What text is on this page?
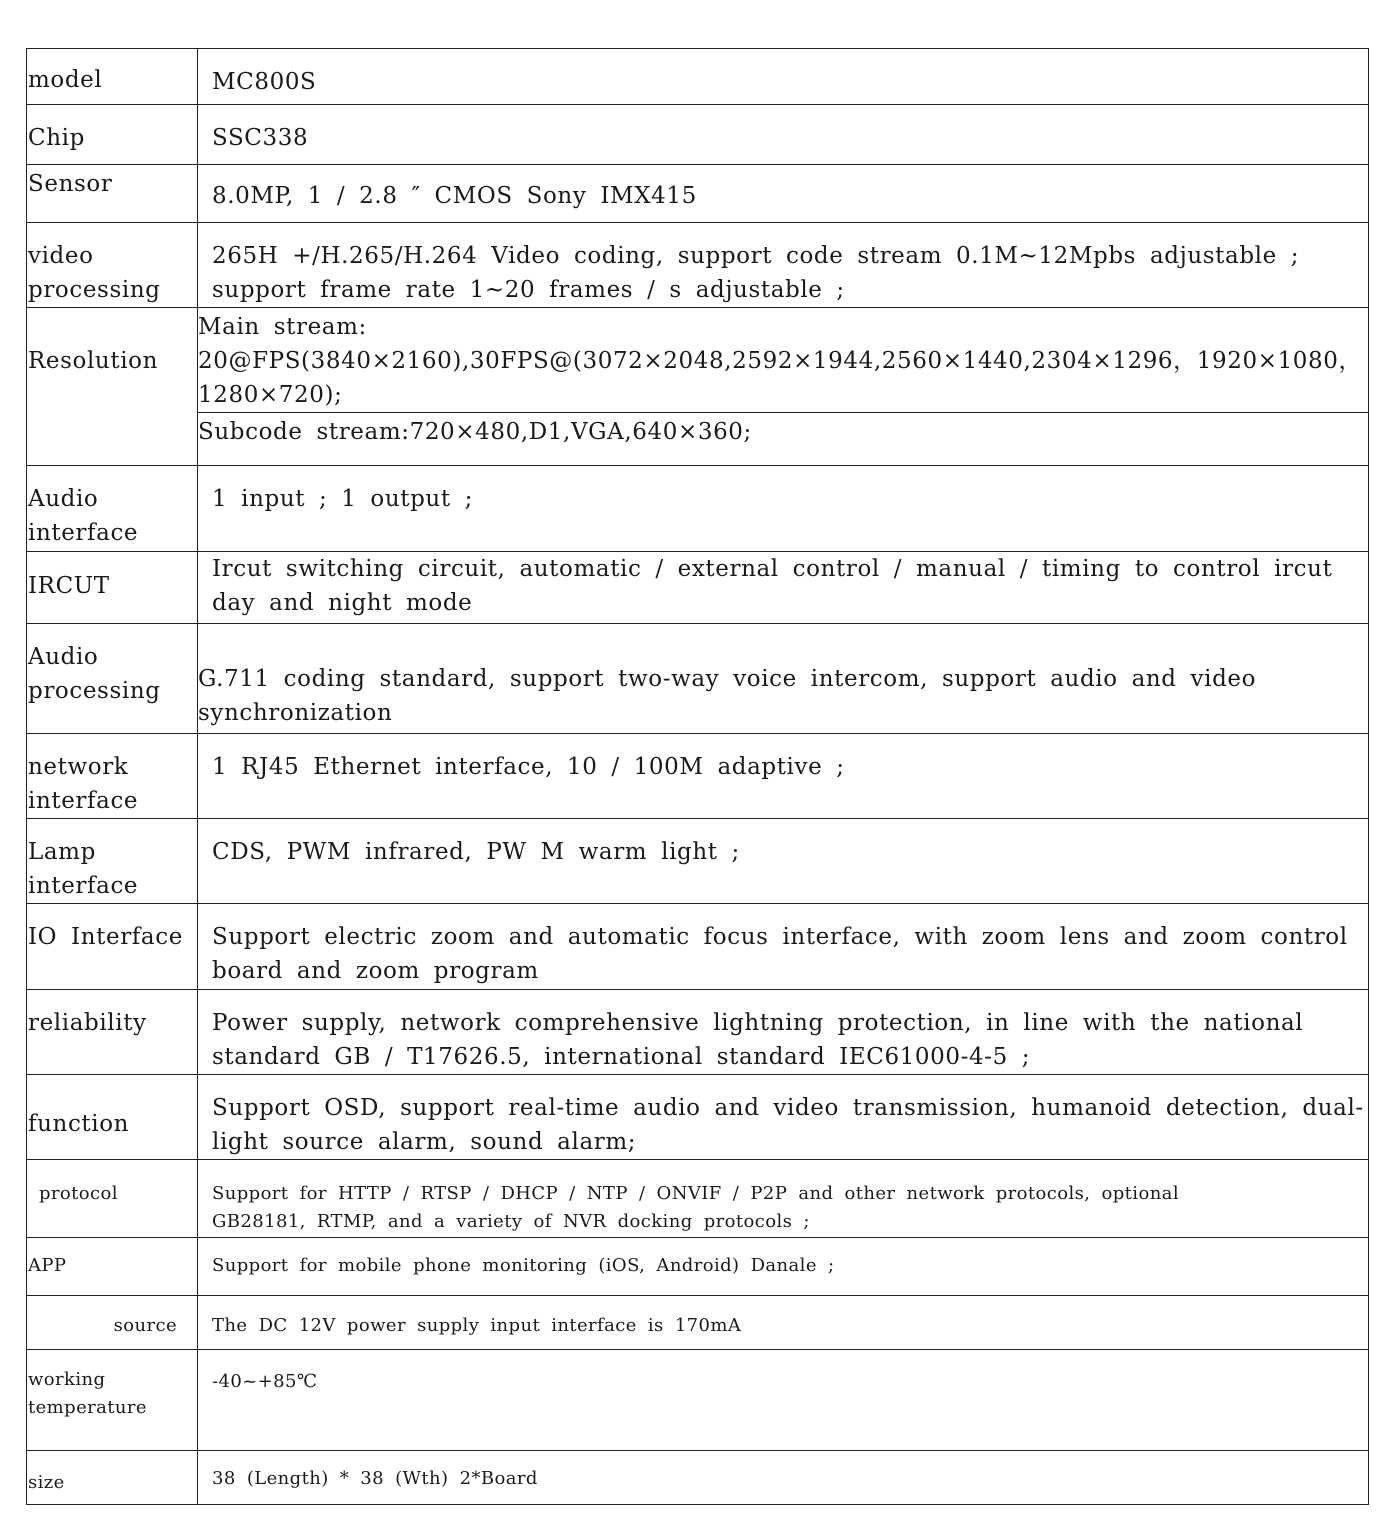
model	MC800S

Chip	SSC338

Sensor	8.0MP, 1 / 2.8 ″ CMOS Sony IMX415

video processing	265H +/H.265/H.264 Video coding, support code stream 0.1M~12Mpbs adjustable ; support frame rate 1~20 frames / s adjustable ;

Resolution	Main stream: 20@FPS(3840×2160),30FPS@(3072×2048,2592×1944,2560×1440,2304×1296，1920×1080，1280×720);

	Subcode stream:720×480,D1,VGA,640×360;

Audio interface	1 input ; 1 output ;

IRCUT	Ircut switching circuit, automatic / external control / manual / timing to control ircut day and night mode

Audio processing	G.711 coding standard, support two-way voice intercom, support audio and video synchronization

network interface	1 RJ45 Ethernet interface, 10 / 100M adaptive ;

Lamp interface	CDS, PWM infrared, PW M warm light ;

IO Interface	Support electric zoom and automatic focus interface, with zoom lens and zoom control board and zoom program

reliability	Power supply, network comprehensive lightning protection, in line with the national standard GB / T17626.5, international standard IEC61000-4-5 ;

function	Support OSD, support real-time audio and video transmission, humanoid detection, dual-light source alarm, sound alarm;

protocol	Support for HTTP / RTSP / DHCP / NTP / ONVIF / P2P and other network protocols, optional GB28181, RTMP, and a variety of NVR docking protocols ;

APP	Support for mobile phone monitoring (iOS, Android) Danale ;

source	The DC 12V power supply input interface is 170mA

working temperature	-40~+85℃

size	38 (Length) * 38 (Wth) 2*Board
